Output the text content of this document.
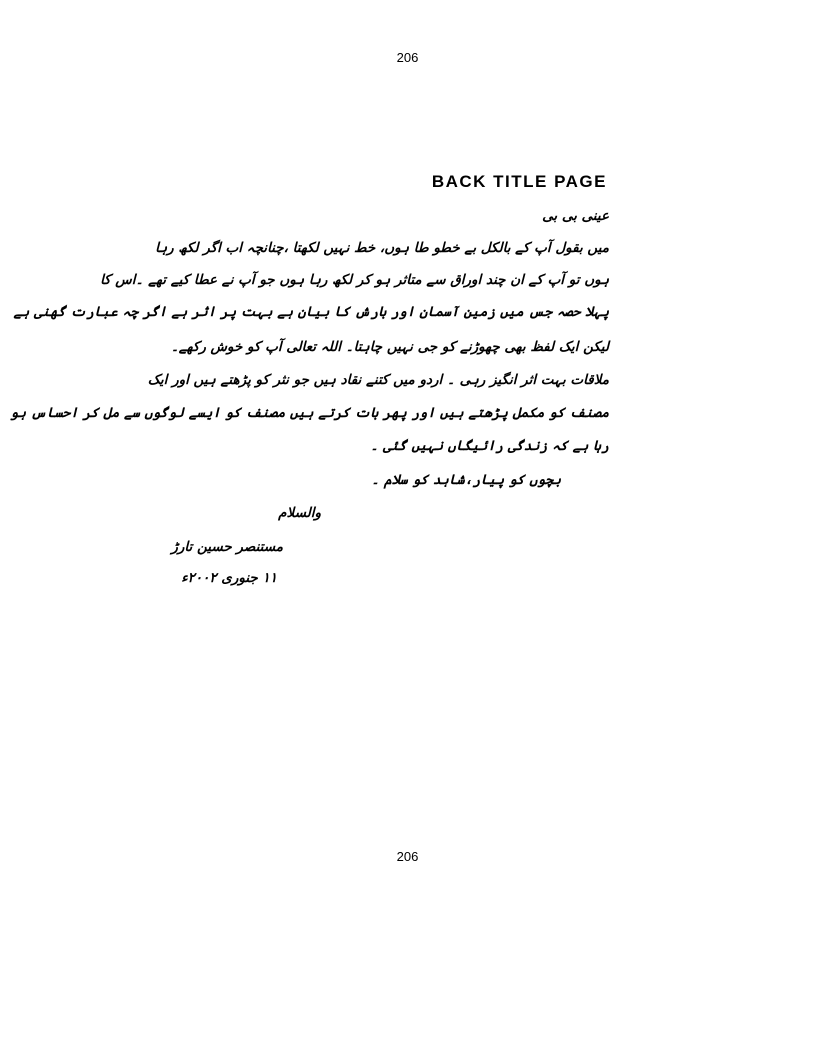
206
BACK TITLE PAGE
عینی بی بی
میں بقول آپ کے بالکل بے خطو طا ہوں، خط نہیں لکھتا ،چنانچہ اب اگر لکھ رہا
ہوں تو آپ کے ان چند اوراق سے متاثر ہو کر لکھ رہا ہوں جو آپ نے عطا کیے تھے ۔اس کا
پہلا حصہ جس میں زمین آسمان اور بارش کا بیان ہے بہت پر اثر ہے اگر چہ عبارت گھنی ہے
لیکن ایک لفظ بھی چھوڑنے کو جی نہیں چاہتا۔ اللہ تعالی آپ کو خوش رکھے۔
ملاقات بہت اثر انگیز رہی ۔ اردو میں کتنے نقاد ہیں جو نثر کو پڑھتے ہیں اور ایک
مصنف کو مکمل پڑھتے ہیں اور پھر بات کرتے ہیں مصنف کو ایسے لوگوں سے مل کر احساس ہو
رہا ہے کہ زندگی رائیگاں نہیں گئی ۔
بچوں کو پیار،شاہد کو سلام ۔
والسلام
مستنصر حسین تارڑ
۱۱ جنوری ۲۰۰۲ء
206
